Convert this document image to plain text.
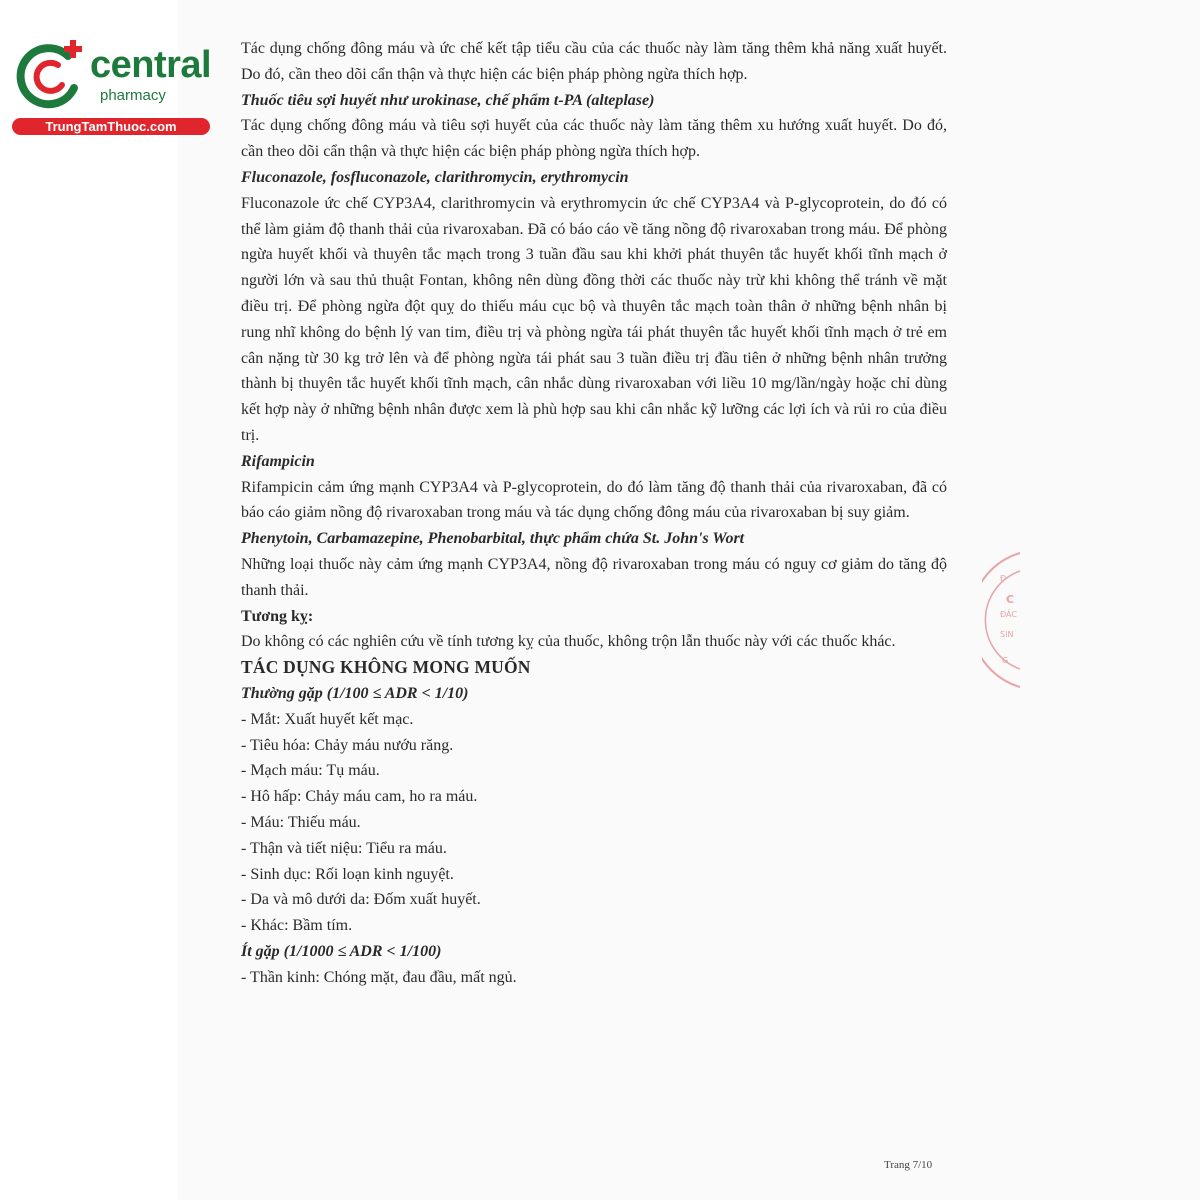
central
pharmacy
TrungTamThuoc.com

Tác dụng chống đông máu và ức chế kết tập tiểu cầu của các thuốc này làm tăng thêm khả năng xuất huyết. Do đó, cần theo dõi cẩn thận và thực hiện các biện pháp phòng ngừa thích hợp.

Thuốc tiêu sợi huyết như urokinase, chế phẩm t-PA (alteplase)

Tác dụng chống đông máu và tiêu sợi huyết của các thuốc này làm tăng thêm xu hướng xuất huyết. Do đó, cần theo dõi cẩn thận và thực hiện các biện pháp phòng ngừa thích hợp.

Fluconazole, fosfluconazole, clarithromycin, erythromycin

Fluconazole ức chế CYP3A4, clarithromycin và erythromycin ức chế CYP3A4 và P-glycoprotein, do đó có thể làm giảm độ thanh thải của rivaroxaban. Đã có báo cáo về tăng nồng độ rivaroxaban trong máu. Để phòng ngừa huyết khối và thuyên tắc mạch trong 3 tuần đầu sau khi khởi phát thuyên tắc huyết khối tĩnh mạch ở người lớn và sau thủ thuật Fontan, không nên dùng đồng thời các thuốc này trừ khi không thể tránh về mặt điều trị. Để phòng ngừa đột quỵ do thiếu máu cục bộ và thuyên tắc mạch toàn thân ở những bệnh nhân bị rung nhĩ không do bệnh lý van tim, điều trị và phòng ngừa tái phát thuyên tắc huyết khối tĩnh mạch ở trẻ em cân nặng từ 30 kg trở lên và để phòng ngừa tái phát sau 3 tuần điều trị đầu tiên ở những bệnh nhân trưởng thành bị thuyên tắc huyết khối tĩnh mạch, cân nhắc dùng rivaroxaban với liều 10 mg/lần/ngày hoặc chỉ dùng kết hợp này ở những bệnh nhân được xem là phù hợp sau khi cân nhắc kỹ lưỡng các lợi ích và rủi ro của điều trị.

Rifampicin

Rifampicin cảm ứng mạnh CYP3A4 và P-glycoprotein, do đó làm tăng độ thanh thải của rivaroxaban, đã có báo cáo giảm nồng độ rivaroxaban trong máu và tác dụng chống đông máu của rivaroxaban bị suy giảm.

Phenytoin, Carbamazepine, Phenobarbital, thực phẩm chứa St. John's Wort

Những loại thuốc này cảm ứng mạnh CYP3A4, nồng độ rivaroxaban trong máu có nguy cơ giảm do tăng độ thanh thải.

Tương kỵ:

Do không có các nghiên cứu về tính tương kỵ của thuốc, không trộn lẫn thuốc này với các thuốc khác.

TÁC DỤNG KHÔNG MONG MUỐN

Thường gặp (1/100 ≤ ADR < 1/10)

- Mắt: Xuất huyết kết mạc.

- Tiêu hóa: Chảy máu nướu răng.

- Mạch máu: Tụ máu.

- Hô hấp: Chảy máu cam, ho ra máu.

- Máu: Thiếu máu.

- Thận và tiết niệu: Tiểu ra máu.

- Sinh dục: Rối loạn kinh nguyệt.

- Da và mô dưới da: Đốm xuất huyết.

- Khác: Bầm tím.

Ít gặp (1/1000 ≤ ADR < 1/100)

- Thần kinh: Chóng mặt, đau đầu, mất ngủ.

Đ
C
ĐÁC
SIN
G
Trang 7/10
